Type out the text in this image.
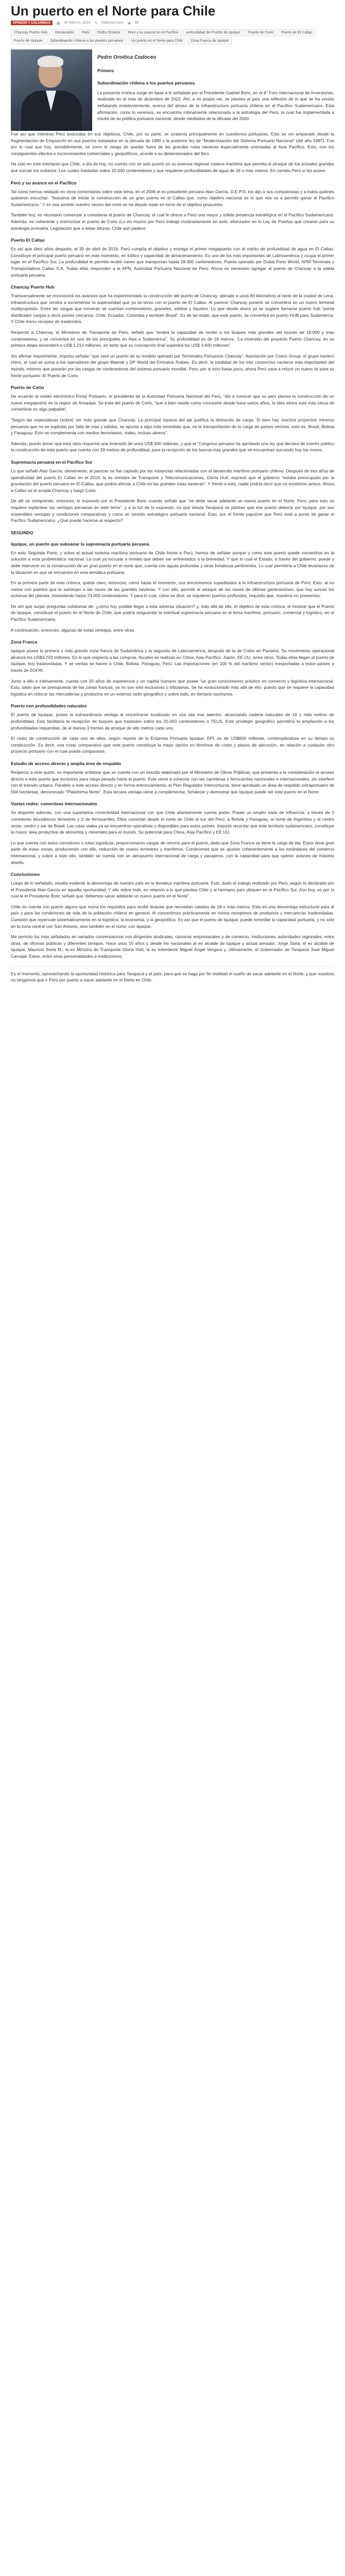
Un puerto en el Norte para Chile
OPINIÓN Y COLUMNAS	▦ 29 febrero, 2024 ✎ Editorial Cero ◉ 86
Chancay Puerto Hub	Destacados	Perú	Pedro Oroitica	Perú y su avance en el Pacífico	profundidad del Puerto de Iquique	Puerto de Corio	Puerto de El Callao
Puerto de Iquique	Subordinación chilena a los puertos peruanos	Un puerto en el Norte para Chile	Zona Franca de Iquique
Pedro Oroitica Codoceo
Primero
Subordinación chilena a los puertos peruanos.

La presente crónica surge en base a lo señalado por el Presidente Gabriel Boric, en el 6° Foro Internacional de Inversiones, realizado en el mes de diciembre de 2022. Ahí, a mi propio ver, se plantea al país una reflexión de lo que se ha venido señalando insistentemente, acerca del atraso de la infraestructura portuaria chilena en el Pacífico Sudamericano. Esta afirmación, como lo veremos, se encuentra íntimamente relacionada a la estrategia del Perú, la cual fue implementada a través de su política portuaria nacional, desde mediados de la década del 2000.

Fue así que mientras Perú avanzaba en sus objetivos, Chile, por su parte, se sostenía principalmente en cuestiones portuarias. Esto se vio amparado desde la fragmentación de Empoorchi en sus puertos instalados en la década de 1980 y la posterior ley de “Modernización del Sistema Portuario Nacional” (del año 1997). Fue por lo cual que hoy, sensiblemente, se corre el riesgo de quedar fuera de las grandes rutas navieras especialmente orientadas al Asia Pacífico. Esto, con los consiguientes efectos e inconvenientes comerciales y geopolíticos, acorde a su dimensionados del lloro.

Ha sido en este intertanto que Chile, a día de hoy, no cuenta con un solo puerto en su extensa regional costera marítima que permita el atraque de los actuales grandes que surcan los océanos. Los cuales trasladan sobre 20.000 contenedores y que requieren profundidades de agua de 18 o más metros. En cambio Perú sí los posee.

Perú y su avance en el Pacífico

Tal como hemos relatado en otros comentarios sobre este tema, en el 2006 el ex presidente peruano Alan García, D.E.P.D, los dijo a sus compatriotas y a todos quienes quisieron escuchar: “Nosotros de iniciar la construcción de un gran puerto en el Callao que, como objetivo nacional es lo que nos va a permitir ganar el Pacífico Sudamericano.” Y en ese sentido nuestro vecino del norte se ha dejado estar en torno de sí objetivo propuesto.

También hoy, es necesario comenzar a considerar el puerto de Chancay, el cual le ofrece a Perú una mayor y sólida presencia estratégica en el Pacífico Sudamericano. Además, es coherente y memorizar el puerto de Corio (Lo en mucho por Perú trabajó mostradamente en esto, afianzador en lo Ley de Puertos que crearon para su estrategia portuaria. Legislación que a estas alturas, Chile aún padece.

Puerto El Callao

Es así que dieci años después, el 30 de abril de 2016, Perú cumplía el objetivo y entrega el primer megapuerto con el mérito de profundidad de agua en El Callao. Constituye el principal puerto peruano en este momento, en tráfico y capacidad de almacenamiento. Es uno de los más importantes de Latinoamérica y ocupa el primer lugar en el Pacífico Sur. La profundidad le permite recibir naves que transportan hasta 18.000 contenedores. Puerto operado por Dubai Ports World, APM Terminals y Transportadora Callao S.A. Todas ellas responden a la APN, Autoridad Portuaria Nacional de Perú. Ahora es necesario agregar al puerto de Chancay a la sólida portuaria peruana.

Chancay Puerto Hub

Transversalmente se reconocerá los avances que ha experimentado la construcción del puerto de Chancay, ubicado a unos 80 kilómetros al norte de la ciudad de Lima. Infraestructura que vendrá a incrementar la superioridad que ya se tenía con el puerto de El Callao. Al parecer Chancay ponerlo se convertiría en un nuevo terminal multipropósito. Entre las cargas que moverán se cuentan contenedores, graneles, sólidos y líquidos. Lo que desde ahora ya se sugiere llamarse puerto hub “portal distribuidor cargas a otros países cercanos, Chile, Ecuador, Colombia y también Brasil”. Es de tal modo, que este puerto, se convertirá en puerto HUB para Sudamérica. Y Chile meno receptor de trasbordos.

Respecto a Chancay, el Ministerio de Transporte de Perú, señaló que “tendrá la capacidad de recibir a los buques más grandes del mundo de 18.000 y más contenedores, y se convertirá en uno de los principales en Asia a Sudamérica”. Su profundidad es de 18 metros. “La inversión del proyecto Puerto Chancay, en su primera etapa ascenderá a US$ 1.213 millones, en tanto que su concepción final superará los US$ 3.600 millones”.

Sin afirmar mayormente, importa señalar “que seré un puerto de su modelo operado por Terminales Portuarios Chancay”, Asociación por Cosco Group, el grupo naviero chino, el cual se suma a los operadores del grupo Maersk y DP World del Emiratos Árabes. Es decir, la totalidad de los tres consorcios navieros más importantes del mundo, mismos que pasarán por las cargas de contenedores del sistema portuario mundial. Pero, por si esto fuese poco, ahora Perú saca a relucir un nuevo as para su frente portuario: El Puerto de Corio.

Puerto de Corio

De acuerdo al medio electrónico Portal Portuario, el presidente de la Autoridad Portuaria Nacional del Perú, “dio a conocer que su país planea la construcción de un nuevo megapuerto en la región de Arequipa. Se trata del puerto de Corio, “que a bien reside como concesión desde hace varios años, la idea ahora está más cerca de convertirse en algo palpable”.

“Según las expectativas (sobre) ser más grande que Chancay. La principal riqueza del eje justifica la demanda de carga. Si bien hay muchos proyectos mineros peruanos que no se explotan por falta de vías y salidas, se apunta a algo más inmediato que, es la transportación de la carga de países vecinos, esto es, Brasil, Bolivia y Paraguay. Esto se complementa con medios ferroviarios, viales, incluso aéreos”.

Además, puedo temer que esta obra requerirá una inversión de unos US$ 500 millones, y que el “Congreso peruano ha aprobado una ley que declara de interés público la construcción de este puerto que cuenta con 28 metros de profundidad, para la recepción de los barcos más grandes que se encuentran surcando hoy los mares.

Supremacía peruana en el Pacífico Sur

Lo que señaló Alan García, obviamente, al parecer no fue captado por las instancias relacionadas con el desarrollo marítimo portuario chileno. Después de tres años de operatividad del puerto El Callao en el 2019, la ex ministra de Transporte y Telecomunicaciones, Gloria Hutt, expresó que el gobierno “estaba preocupado por la gravitación del puerto peruano en El Callao, que podría afectar a Chile en las grandes rutas navieras”. Y frente a esto, nadie podría decir que no existieron avisos. Ahora a Callao se le acopla Chancay y luego Corio.

De allí se comprende, entonces, lo expuesto por el Presidente Boric cuando señaló que “se debe sacar adelante un nuevo puerto en el Norte. Pero, para esto se requiere replantear las ventajas peruanas en este tema”, y a la luz de lo expuesto, no que desde Tarapacá se plantee que ese puerto debería ser Iquique, por sus sostenibles ventajas y condiciones comparativas y como un sentido estratégico portuario nacional. Esto, por el frente papulcer que Perú está a punto de ganar el Pacífico Sudamericano. ¿Qué puede hacerse al respecto?

SEGUNDO
Iquique, un puerto que subsanar la supremacía portuaria peruana.

En esta Segunda Parte, y sobre el actual sistema marítimo portuario de Chile frente a Perú, hemos de señalar porque y como este puerto puede convertirse en la solución a esta problemática nacional. La cual ya incrusta a niveles que deben ser enfrentados a la brevedad. Y que lo cual el Estado, a través del gobierno, puede y debe intervenir en la construcción de un gran puerto en el norte que, cuenta con aguas profundas y otras fortalezas pertinentes. Lo cual permitiría a Chile levantarse de la situación en que se encuentra en esta temática portuaria.

En la primera parte de esta crónica, queda claro, entonces, cómo hasta el momento, nos encontramos supeditados a la infraestructura portuaria de Perú. Esto, al no contar con puertos que lo sumerjan a las naves de las grandes navieras. Y con ello, permitir el atraque de las naves de últimas generaciones, que hoy surcan los océanos del planeta, trasladando hasta 23.000 contenedores. Y para lo cual, como se dice, se requieren puertos profundos, requisito que, nosotros no poseemos.

De ahí que surjan preguntas cotidianas de: ¿cómo hoy posible llegar a esta adversa situación? y, más allá de ello, el objetivo de esta crónica, el mostrar que el Puerto de Iquique, constituye el puerto en el Norte de Chile, que podría resguardar la eventual supremacía peruana en el tema marítimo, portuario, comercial y logístico, en el Pacífico Sudamericano.

A continuación, entonces, algunas de estas ventajas, entre otras.

Zona Franca

Iquique posee la primera y más grande zona franca de Sudamérica y la segunda de Latinoamérica, después de la de Colón en Panamá. Su movimiento operacional alcanza los US$3.703 millones. En lo que respecta a las compras, fiscales se realizan en China, Asia Pacífico, Japón, EE.UU, entre otros. Todas ellas llegan al puerto de Iquique, hoy trasbordadas. Y se ventas se hacen a Chile, Bolivia, Paraguay, Perú. Las importaciones (en 100 % del marítimo sector) mexportadas a estos países a través de ZOFRI.

Junto a ello e íntimamente, cuenta con 20 años de experiencia y un capital humano que posee “un gran conocimiento práctico en comercio y logística internacional. Esto, dado que se presupuesta de las zonas francas, ya no son sólo exclusivas o tributarias. Se ha evolucionado más allá de ello, puesto que se requiere la capacidad logística en colocar las mercaderías y productos en un extenso radio geográfico y sobre todo, en tiempos oportunos.

Puerto con profundidades naturales

El puerto de Iquique, posee la extraordinaria ventaja al encontrarse localizado en una isla mar adentro, alcanzando cadena naturales de 18 y más metros de profundidad. Esto facilitaría la recepción de buques que trasladen sobre los 20.000 contenedores o TEUS. Este privilegio geográfico permitiría la ampliación a los profundidades requeridas, de al menos 3 frentes de atraque de alto metros cada uno.

El costo de construcción de cada uno de ellos, según reporte de la Empresa Portuaria Iquique, EPI, es de US$600 millones, contemplándose en su tiempo su construcción. Es decir, una costo comparativo que este puerto constituye la mejor opción en términos de costo y plazos de ejecución, en relación a cualquier otro proyecto portuario con el cual pueda compararse.

Estudio de acceso directo y amplia área de respaldo

Respecto a este punto, es importante enfatizar que se cuenta con un estudio elaborado por el Ministerio de Obras Públicas, que presenta a la consideración el acceso directo a este puerto que exclusivo para carga pesada hacia el puerto. Este viene a conectar con las carreteras y ferrocarriles nacionales e internacionales, sin interferir con el tránsito urbano. Paralelo a este acceso directo y en forma entroncamiento, el Plan Regulador Intercomunal, tiene aprobado un área de respaldo extraportuario de 594 hectáreas, denominado “Plataforma Norte”. Esta tercera ventaja viene a complementar, fortalecer y demostrar que Iquique puede ser este puerto en el Norte.

Vastas redes: conectivas internacionales

Se disponte además, con una superlativa conectividad internacional con que Chile afanitamente cuenta poder. Posee un amplio nado de influencia, a través de 3 corredores bioceánicos terrestres y 2 de ferrocarriles. Ellos conectan desde el norte de Chile al sur del Perú, a Bolivia y Paraguay, al norte de Argentina y el centro oeste, centro y sur de Brasil. Las rutas viales ya se encuentran operativas y disponibles para estos países. Importa recordar que este territorio sudamericano, constituye la mayor área productiva de alimentos y minerales para el mundo. Su potencial para China, Asia Pacífico y EE.UU.

Lo que cuenta con estos corredores o rutas logísticas, proporcionaron cargas de retorno para el puerto, dado que Zona Franca se tiene la carga de ida. Estos tiene gran parte de estas zonas, produciendo con ello, reducción de costos terrestres y marítimos. Condiciones que se ajustan coherentemente a los estándares del comercio internacional, y sobre a todo ello, también se cuenta con un aeropuerto internacional de carga y pasajeros, con la capacidad para que operen aviones de máximo diseño.

Conclusiones

Luego de lo señalado, resulta evidente la desventaja de nuestro país en la temática marítima portuaria. Esto, dado el trabajo realizado por Perú, según lo declarado por el Presidente Alan García en aquella oportunidad. Y ello sobre todo, en relación a lo que plantea Chile y al hermano país ubiquen en el Pacífico Sur. Aún hoy, es por lo cual le el Presidente Boric señaló que “debemos sacar adelante un nuevo puerto en el Norte”.

Chile no cuenta con puerto alguno que reúna los requisitos para recibir buques que necesitan calados de 18 o más metros. Esto es una desventaja estructural para el país y para las condiciones de vida de la población chilena en general. Al convertirnos prácticamente en meros receptores de productos y mercancías trasbordadas. Cuestión que repercute sistemáticamente en la logística, la economía, y la geopolítica. Es así que el puerto de Iquique, puede remediar la capacidad portuaria, y no sólo en la zona central con San Antonio, sino también en el norte, con Iquique.

Me permito los más señalados en variados conversatorios con dirigentes sindicales, cámaras empresariales y de comercio, instituciones, autoridades regionales, entre otras, de oficinas públicas y diferentes tiempos. Hace unos 15 años y desde los nacionales al eri alcalde de Iquique y actual senador, Jorge Soria; el ex alcalde de Iquique, Mauricio Soria M.; la ex Ministra de Transporte Gloria Hutt; la ex Intendente Miguel Ángel Vergara y, últimamente, el Gobernador de Tarapacá José Miguel Carvajal. Estos, entre otras personalidades e instituciones.

Es el momento, aprovechando la oportunidad histórica para Tarapacá y el país, para que se haga por fin realidad el sueño de sacar adelante en el Norte, y que nosotros no tengamos que ir Perú por puerto a sacar adelante en el Norte en Chile.
